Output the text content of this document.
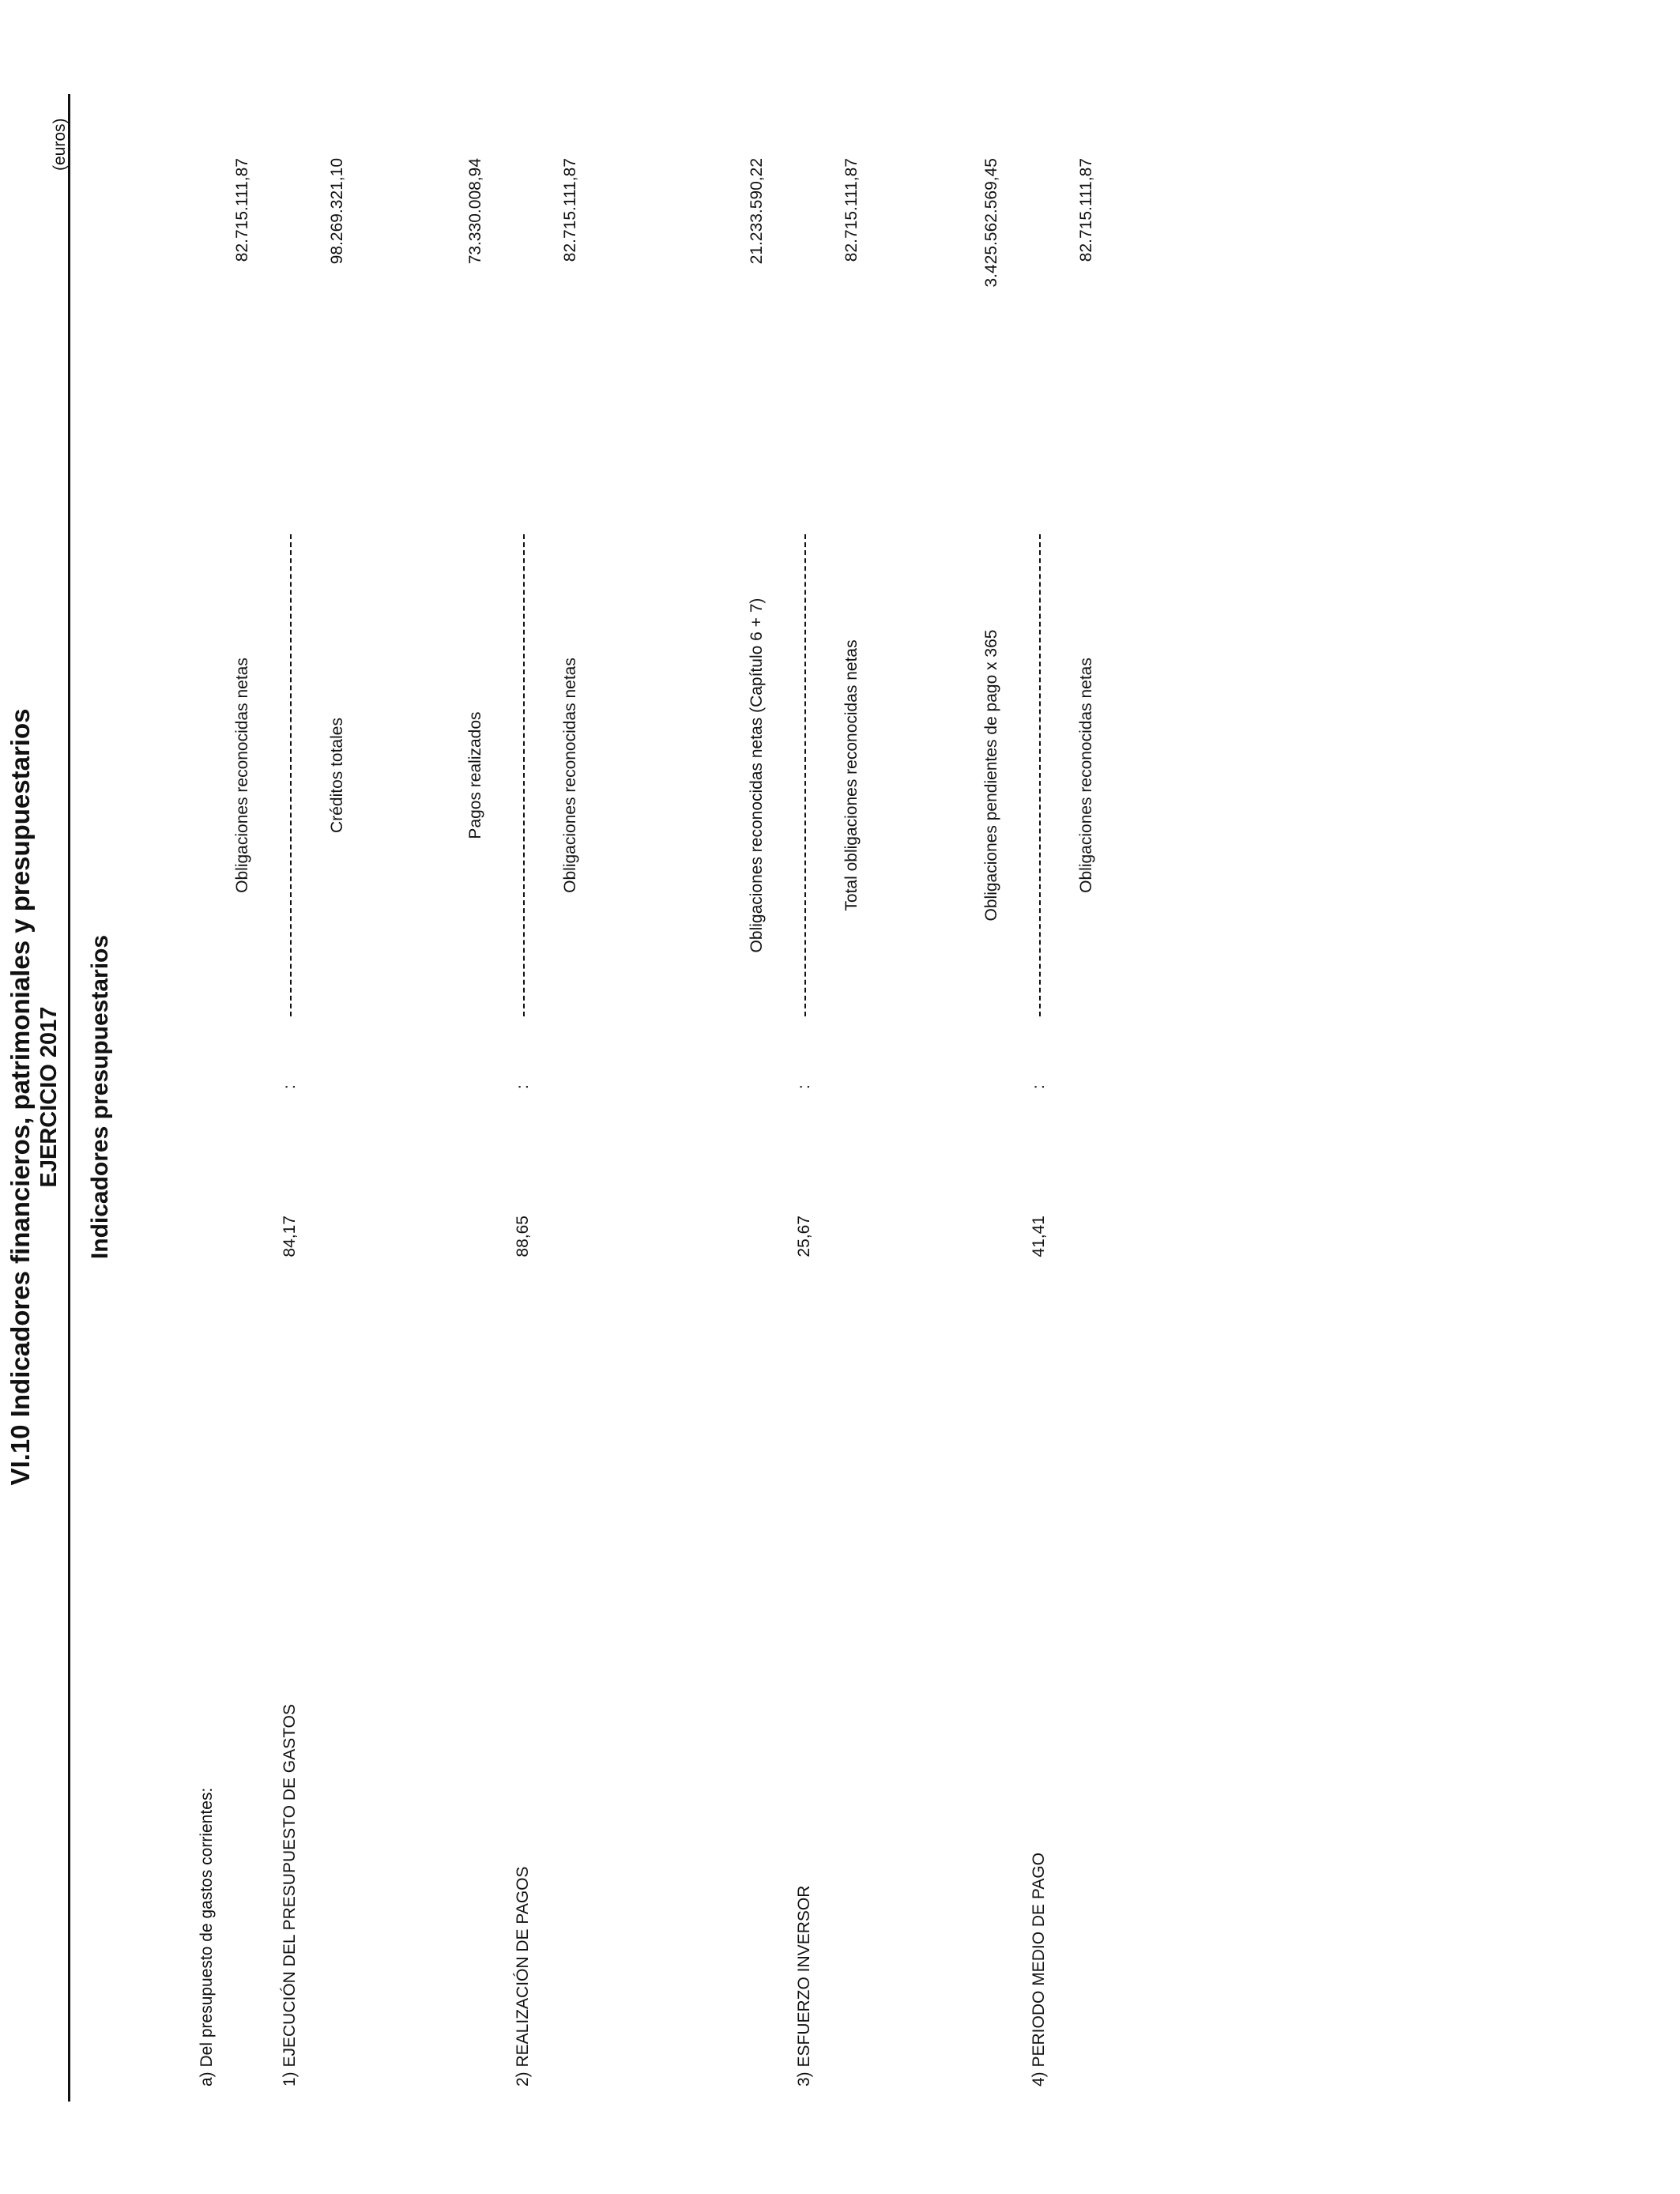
VI.10 Indicadores financieros, patrimoniales y presupuestarios EJERCICIO 2017
(euros)
Indicadores presupuestarios
a) Del presupuesto de gastos corrientes:
Obligaciones reconocidas netas
82.715.111,87
1) EJECUCIÓN DEL PRESUPUESTO DE GASTOS
84,17
:
Créditos totales
98.269.321,10
Pagos realizados
73.330.008,94
2) REALIZACIÓN DE PAGOS
88,65
:
Obligaciones reconocidas netas
82.715.111,87
Obligaciones reconocidas netas (Capítulo 6 + 7)
21.233.590,22
3) ESFUERZO INVERSOR
25,67
:
Total obligaciones reconocidas netas
82.715.111,87
Obligaciones pendientes de pago x 365
3.425.562.569,45
4) PERIODO MEDIO DE PAGO
41,41
:
Obligaciones reconocidas netas
82.715.111,87
